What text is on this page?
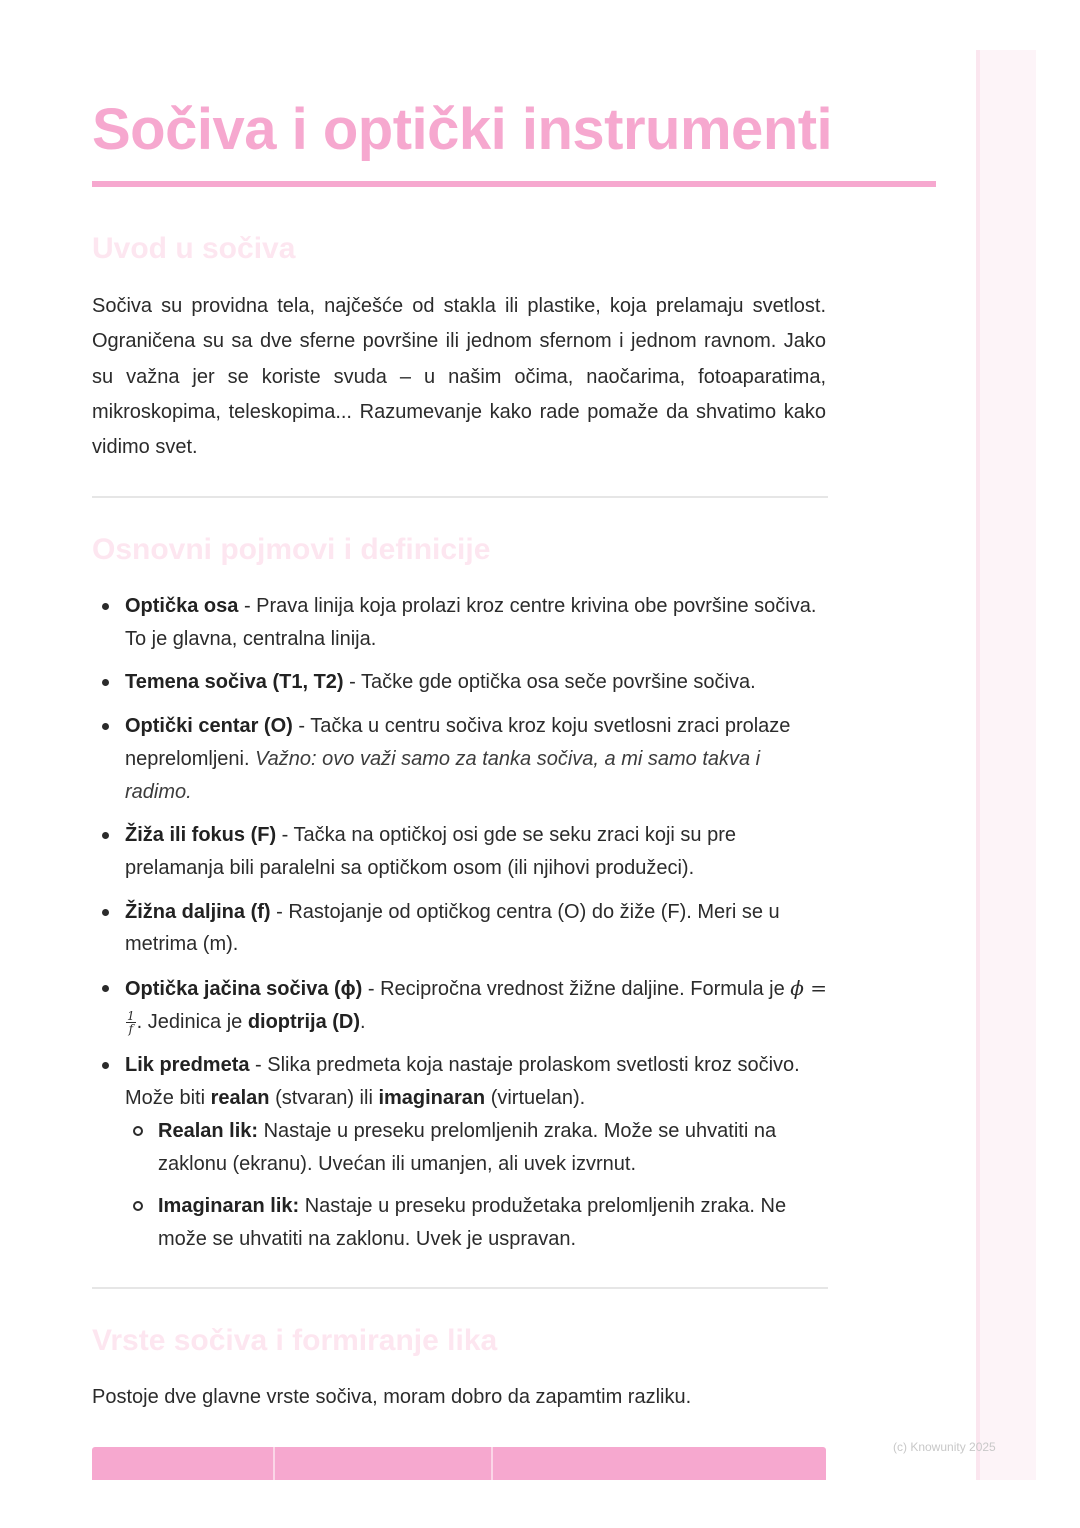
Sočiva i optički instrumenti
Uvod u sočiva

Sočiva su providna tela, najčešće od stakla ili plastike, koja prelamaju svetlost. Ograničena su sa dve sferne površine ili jednom sfernom i jednom ravnom. Jako su važna jer se koriste svuda – u našim očima, naočarima, fotoaparatima, mikroskopima, teleskopima... Razumevanje kako rade pomaže da shvatimo kako vidimo svet.

Osnovni pojmovi i definicije
Optička osa - Prava linija koja prolazi kroz centre krivina obe površine sočiva. To je glavna, centralna linija.
Temena sočiva (T1, T2) - Tačke gde optička osa seče površine sočiva.
Optički centar (O) - Tačka u centru sočiva kroz koju svetlosni zraci prolaze neprelomljeni. Važno: ovo važi samo za tanka sočiva, a mi samo takva i radimo.
Žiža ili fokus (F) - Tačka na optičkoj osi gde se seku zraci koji su pre prelamanja bili paralelni sa optičkom osom (ili njihovi produžeci).
Žižna daljina (f) - Rastojanje od optičkog centra (O) do žiže (F). Meri se u metrima (m).
Optička jačina sočiva (ϕ) - Recipročna vrednost žižne daljine. Formula je ϕ =
$\frac{1}{f}$ . Jedinica je dioptrija (D).
Lik predmeta - Slika predmeta koja nastaje prolaskom svetlosti kroz sočivo. Može biti realan (stvaran) ili imaginaran (virtuelan).
Realan lik: Nastaje u preseku prelomljenih zraka. Može se uhvatiti na zaklonu (ekranu). Uvećan ili umanjen, ali uvek izvrnut.
Imaginaran lik: Nastaje u preseku produžetaka prelomljenih zraka. Ne može se uhvatiti na zaklonu. Uvek je uspravan.
Vrste sočiva i formiranje lika

Postoje dve glavne vrste sočiva, moram dobro da zapamtim razliku.

(c) Knowunity 2025
